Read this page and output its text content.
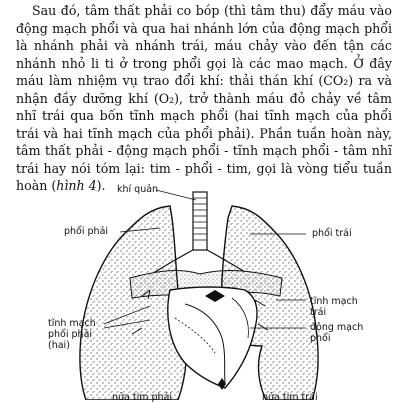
Sau đó, tâm thất phải co bóp (thì tâm thu) đẩy máu vào động mạch phổi và qua hai nhánh lớn của động mạch phổi là nhánh phải và nhánh trái, máu chảy vào đến tận các nhánh nhỏ li ti ở trong phổi gọi là các mao mạch. Ở đây máu làm nhiệm vụ trao đổi khí: thải thán khí (CO₂) ra và nhận đầy dưỡng khí (O₂), trở thành máu đỏ chảy về tâm nhĩ trái qua bốn tĩnh mạch phổi (hai tĩnh mạch của phổi trái và hai tĩnh mạch của phổi phải). Phần tuần hoàn này, tâm thất phải - động mạch phổi - tĩnh mạch phổi - tâm nhĩ trái hay nói tóm lại: tim - phổi - tim, gọi là vòng tiểu tuần hoàn (hình 4).	khí quản
phổi phải	phổi trái
tĩnh mạch
trái
động mạch
phổi
tĩnh mạch
phổi phải
(hai)
nửa tim phải	nửa tim trái
